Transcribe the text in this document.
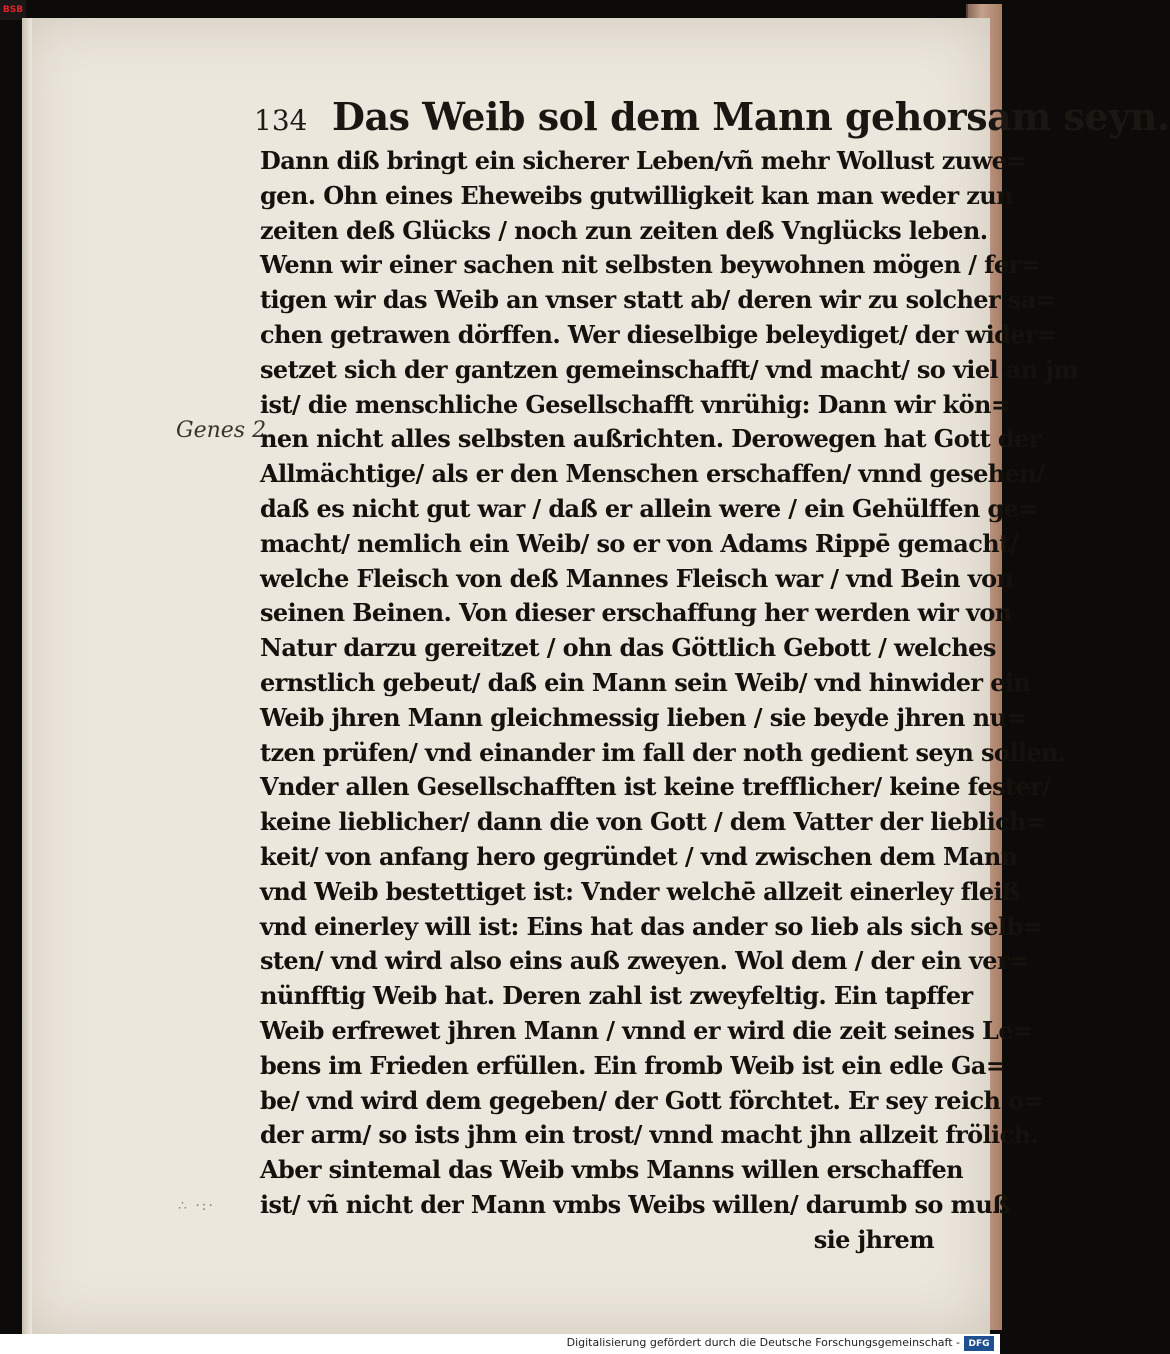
BSB
134 Das Weib sol dem Mann gehorsam seyn.
Genes 2.
Dann diß bringt ein sicherer Leben/vñ mehr Wollust zuwe=
gen. Ohn eines Eheweibs gutwilligkeit kan man weder zun
zeiten deß Glücks / noch zun zeiten deß Vnglücks leben.
Wenn wir einer sachen nit selbsten beywohnen mögen / fer=
tigen wir das Weib an vnser statt ab/ deren wir zu solcher sa=
chen getrawen dörffen. Wer dieselbige beleydiget/ der wider=
setzet sich der gantzen gemeinschafft/ vnd macht/ so viel an jm
ist/ die menschliche Gesellschafft vnrühig: Dann wir kön=
nen nicht alles selbsten außrichten. Derowegen hat Gott der
Allmächtige/ als er den Menschen erschaffen/ vnnd gesehen/
daß es nicht gut war / daß er allein were / ein Gehülffen ge=
macht/ nemlich ein Weib/ so er von Adams Rippē gemacht/
welche Fleisch von deß Mannes Fleisch war / vnd Bein von
seinen Beinen. Von dieser erschaffung her werden wir von
Natur darzu gereitzet / ohn das Göttlich Gebott / welches
ernstlich gebeut/ daß ein Mann sein Weib/ vnd hinwider ein
Weib jhren Mann gleichmessig lieben / sie beyde jhren nu=
tzen prüfen/ vnd einander im fall der noth gedient seyn sollen.
Vnder allen Gesellschafften ist keine trefflicher/ keine fester/
keine lieblicher/ dann die von Gott / dem Vatter der lieblich=
keit/ von anfang hero gegründet / vnd zwischen dem Mann
vnd Weib bestettiget ist: Vnder welchē allzeit einerley fleiß
vnd einerley will ist: Eins hat das ander so lieb als sich selb=
sten/ vnd wird also eins auß zweyen. Wol dem / der ein ver=
nünfftig Weib hat. Deren zahl ist zweyfeltig. Ein tapffer
Weib erfrewet jhren Mann / vnnd er wird die zeit seines Le=
bens im Frieden erfüllen. Ein fromb Weib ist ein edle Ga=
be/ vnd wird dem gegeben/ der Gott förchtet. Er sey reich o=
der arm/ so ists jhm ein trost/ vnnd macht jhn allzeit frölich.
Aber sintemal das Weib vmbs Manns willen erschaffen
ist/ vñ nicht der Mann vmbs Weibs willen/ darumb so muß
sie jhrem
∴ ·:·
Digitalisierung gefördert durch die Deutsche Forschungsgemeinschaft - DFG
